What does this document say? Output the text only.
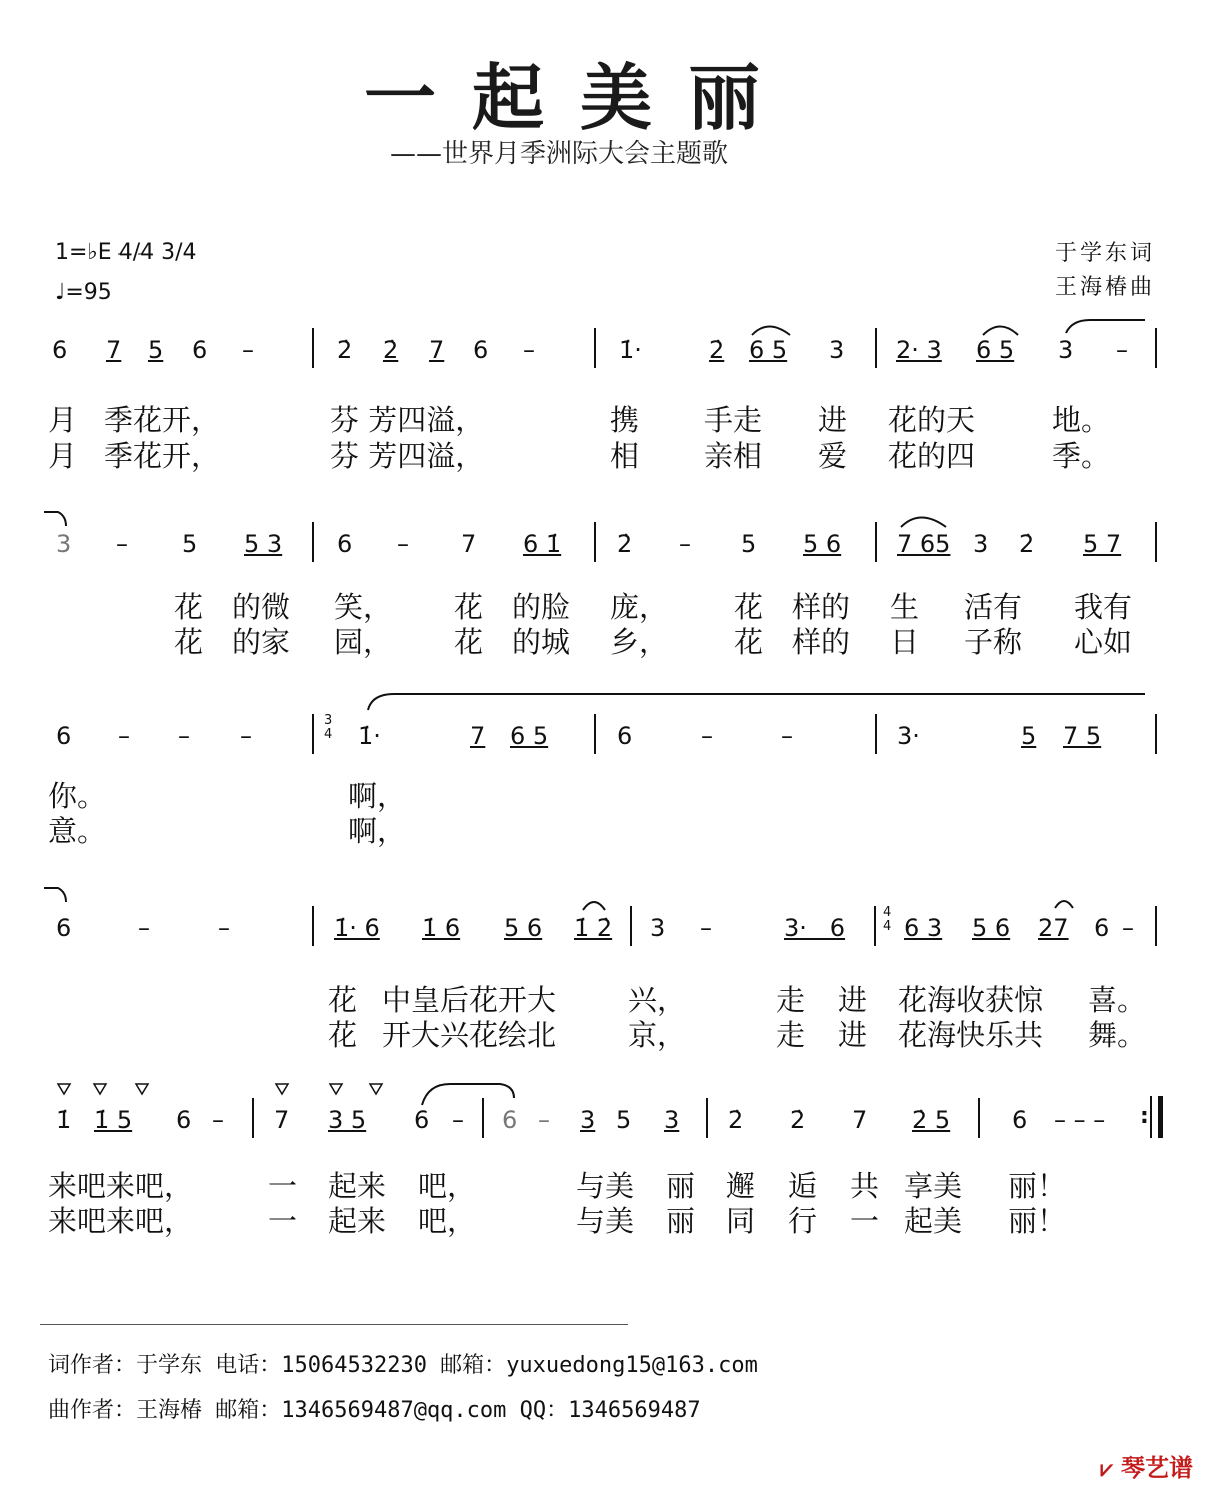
一起美丽
——世界月季洲际大会主题歌
1=♭E 4/4 3/4
♩=95
于学东词
王海椿曲
6 7 5 6 –	2̇ 2̇ 7 6 –	1̇·	2̇ 6 5 3 2· 3 6 5 3 –
月 季花开，	芬 芳四溢，	携 手走 进 花的天	地。
月 季花开，	芬 芳四溢，	相 亲相 爱 花的四	季。
3 – 5 5 3 6 – 7 6 1̇ 2̇ – 5 5 6 7 65 3 2̇ 5 7
花 的微 笑， 花 的脸 庞， 花 样的 生 活有 我有
花 的家 园， 花 的城 乡， 花 样的 日 子称 心如
6 – – –
3
4 1̇·	7 6 5	6	–	–	3·	5 7 5
你。	啊，
意。	啊，
6	–	–	1̇· 6 1̇ 6 5 6 1̇ 2̇ 3 –	3·   6
4
4 6 3 5 6 27 6 –
花 中皇后花开大 兴，	走 进 花海收获惊 喜。
花 开大兴花绘北 京，	走 进 花海快乐共 舞。
1̇ 1̇ 5 6 – 7 3 5 6 – 6 – 3 5 3 2̇ 2̇ 7 2̇ 5	6 – – – :
来吧来吧，	一 起来 吧，	与美 丽 邂 逅 共 享美 丽！
来吧来吧，	一 起来 吧，	与美 丽 同 行 一 起美 丽！
词作者：于学东 电话：15064532230 邮箱：yuxuedong15@163.com
曲作者：王海椿 邮箱：1346569487@qq.com QQ：1346569487
⩗ 琴艺谱
